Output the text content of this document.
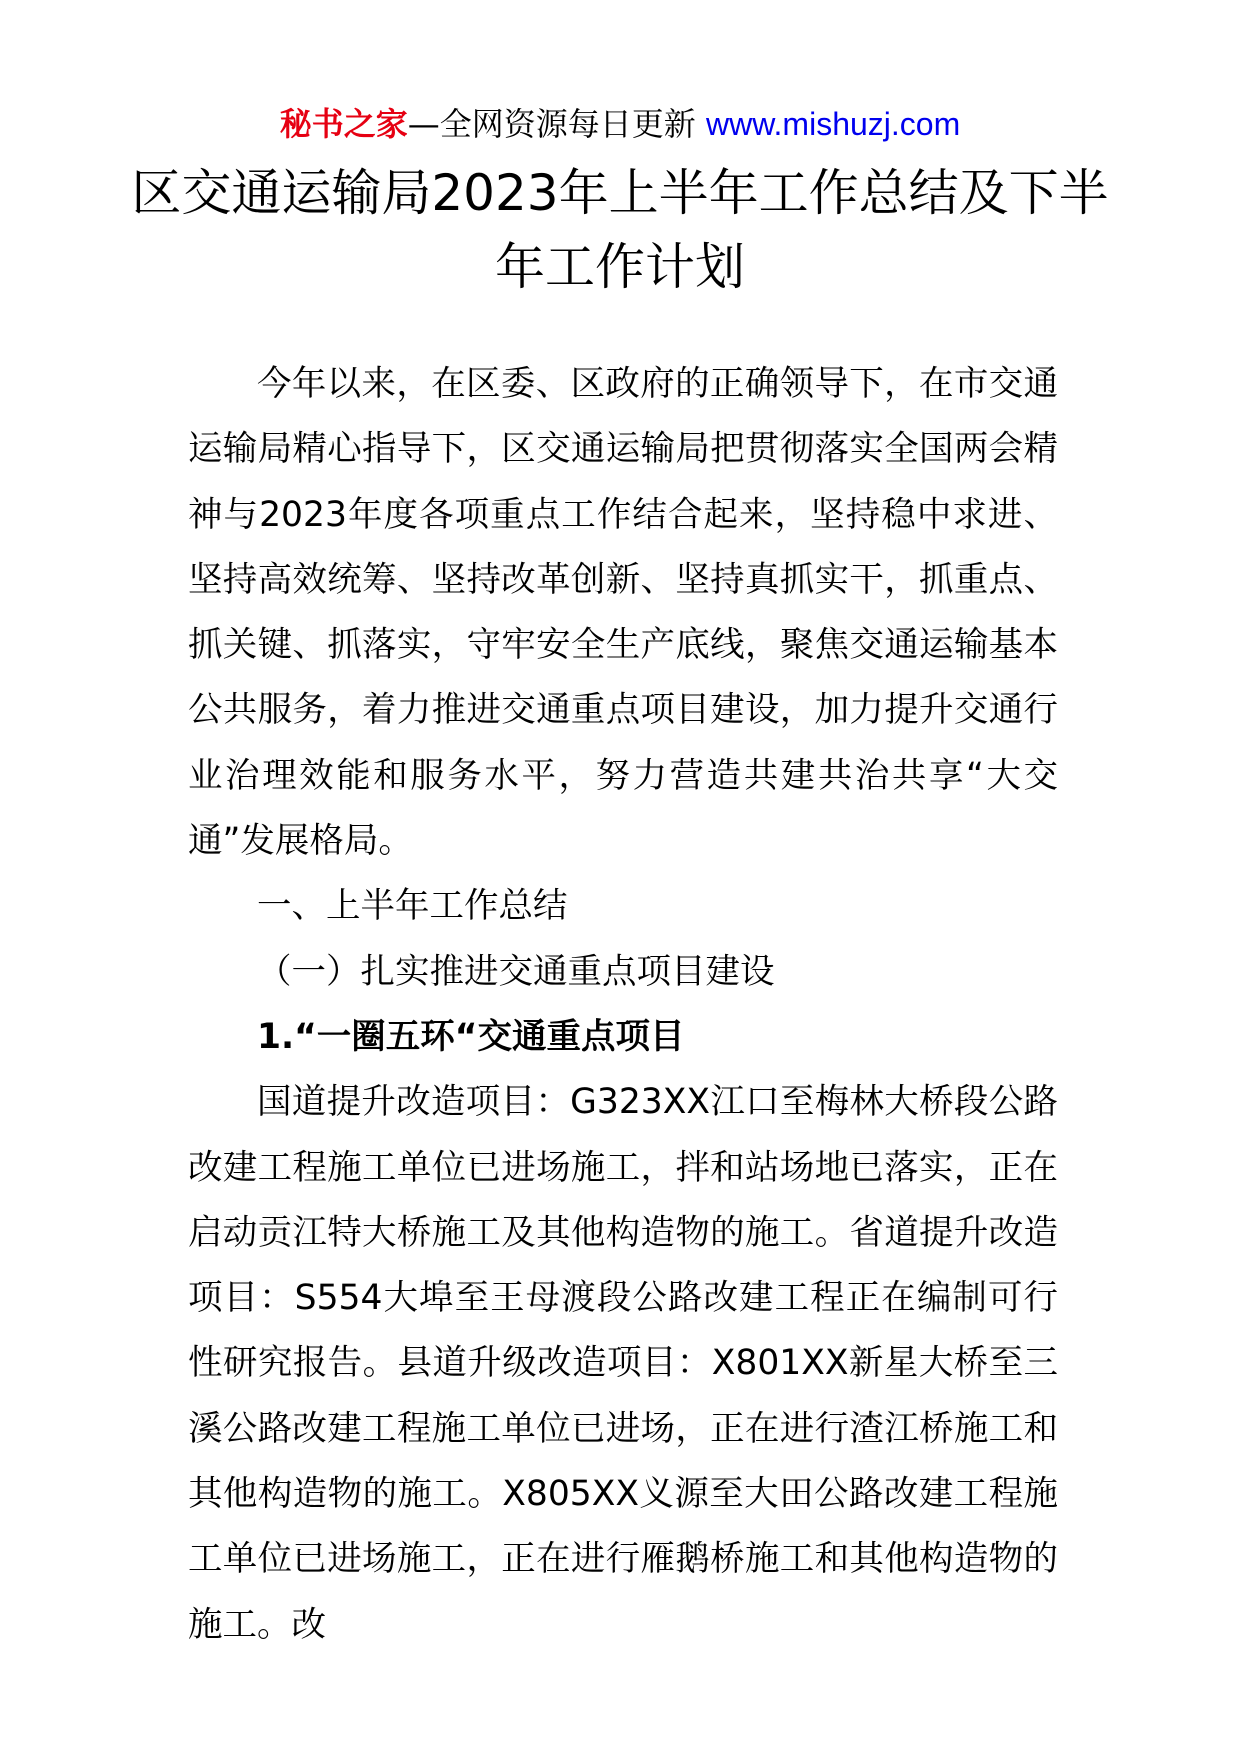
秘书之家—全网资源每日更新 www.mishuzj.com
区交通运输局2023年上半年工作总结及下半年工作计划

今年以来，在区委、区政府的正确领导下，在市交通运输局精心指导下，区交通运输局把贯彻落实全国两会精神与2023年度各项重点工作结合起来，坚持稳中求进、坚持高效统筹、坚持改革创新、坚持真抓实干，抓重点、抓关键、抓落实，守牢安全生产底线，聚焦交通运输基本公共服务，着力推进交通重点项目建设，加力提升交通行业治理效能和服务水平，努力营造共建共治共享“大交通”发展格局。

一、上半年工作总结

（一）扎实推进交通重点项目建设

1.“一圈五环“交通重点项目

国道提升改造项目：G323XX江口至梅林大桥段公路改建工程施工单位已进场施工，拌和站场地已落实，正在启动贡江特大桥施工及其他构造物的施工。省道提升改造项目：S554大埠至王母渡段公路改建工程正在编制可行性研究报告。县道升级改造项目：X801XX新星大桥至三溪公路改建工程施工单位已进场，正在进行渣江桥施工和其他构造物的施工。X805XX义源至大田公路改建工程施工单位已进场施工，正在进行雁鹅桥施工和其他构造物的施工。改
